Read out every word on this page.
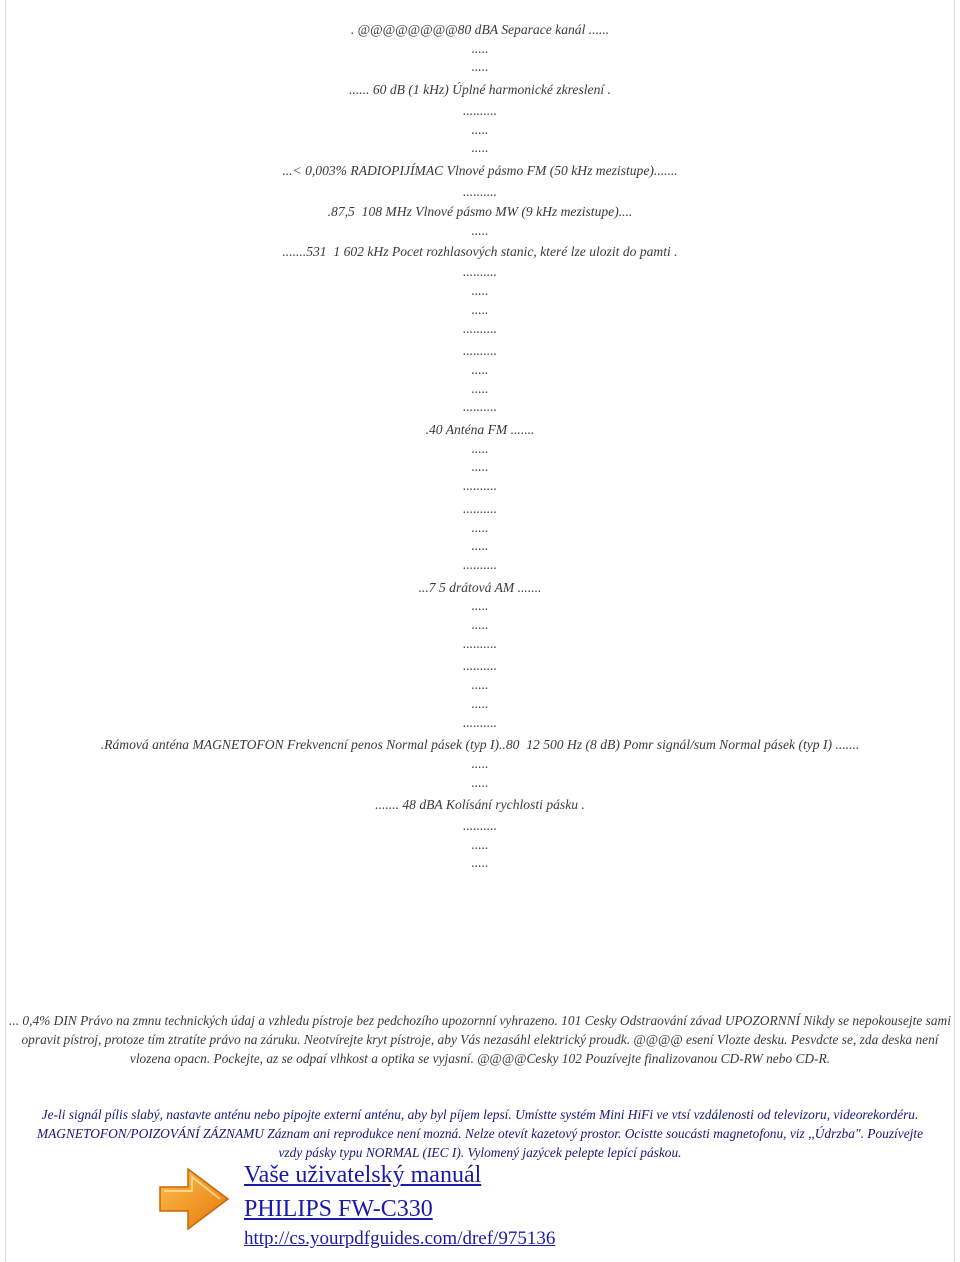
. @@@@@@@@80 dBA Separace kanál ......

.....

.....

...... 60 dB (1 kHz) Úplné harmonické zkreslení .

..........

.....

.....

...< 0,003% RADIOPIJÍMAC Vlnové pásmo FM (50 kHz mezistupe).......

..........

.87,5  108 MHz Vlnové pásmo MW (9 kHz mezistupe)....

.....

.......531  1 602 kHz Pocet rozhlasových stanic, které lze ulozit do pamti .

..........

.....

.....

..........

..........

.....

.....

..........

.40 Anténa FM .......

.....

.....

..........

..........

.....

.....

..........

...7 5 drátová AM .......

.....

.....

..........

..........

.....

.....

..........

.Rámová anténa MAGNETOFON Frekvencní penos Normal pásek (typ I)..80  12 500 Hz (8 dB) Pomr signál/sum Normal pásek (typ I) .......

.....

.....

....... 48 dBA Kolísání rychlosti pásku .

..........

.....

.....

... 0,4% DIN Právo na zmnu technických údaj a vzhledu pístroje bez pedchozího upozornní vyhrazeno. 101 Cesky Odstraování závad UPOZORNNÍ Nikdy se nepokousejte sami opravit pístroj, protoze tím ztratíte právo na záruku. Neotvírejte kryt pístroje, aby Vás nezasáhl elektrický proudk. @@@@ esení Vlozte desku. Pesvdcte se, zda deska není vlozena opacn. Pockejte, az se odpaí vlhkost a optika se vyjasní. @@@@Cesky 102 Pouzívejte finalizovanou CD-RW nebo CD-R.

Je-li signál pílis slabý, nastavte anténu nebo pipojte externí anténu, aby byl píjem lepsí. Umístte systém Mini HiFi ve vtsí vzdálenosti od televizoru, videorekordéru. MAGNETOFON/POIZOVÁNÍ ZÁZNAMU Záznam ani reprodukce není mozná. Nelze otevít kazetový prostor. Ocistte soucásti magnetofonu, viz ,,Údrzba". Pouzívejte vzdy pásky typu NORMAL (IEC I). Vylomený jazýcek pelepte lepící páskou.

Vaše uživatelský manuál
PHILIPS FW-C330
http://cs.yourpdfguides.com/dref/975136
